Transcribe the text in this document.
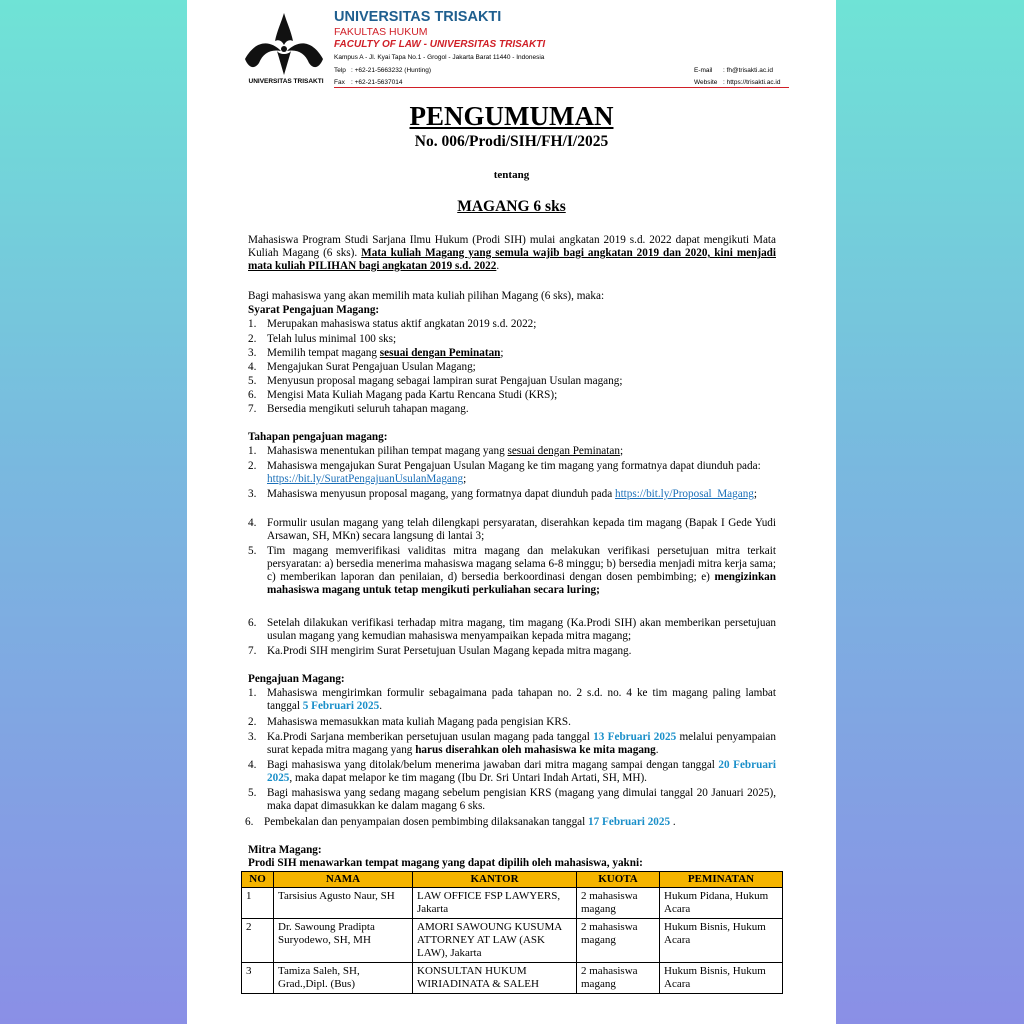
UNIVERSITAS TRISAKTI
UNIVERSITAS TRISAKTI
FAKULTAS HUKUM
FACULTY OF LAW - UNIVERSITAS TRISAKTI
Kampus A - Jl. Kyai Tapa No.1 - Grogol - Jakarta Barat 11440 - Indonesia
Telp : +62-21-5663232 (Hunting)
Fax : +62-21-5637014
E-mail : fh@trisakti.ac.id
Website : https://trisakti.ac.id
PENGUMUMAN
No. 006/Prodi/SIH/FH/I/2025
tentang
MAGANG 6 sks
Mahasiswa Program Studi Sarjana Ilmu Hukum (Prodi SIH) mulai angkatan 2019 s.d. 2022 dapat mengikuti Mata Kuliah Magang (6 sks). Mata kuliah Magang yang semula wajib bagi angkatan 2019 dan 2020, kini menjadi mata kuliah PILIHAN bagi angkatan 2019 s.d. 2022.
Bagi mahasiswa yang akan memilih mata kuliah pilihan Magang (6 sks), maka:
Syarat Pengajuan Magang:
1. Merupakan mahasiswa status aktif angkatan 2019 s.d. 2022;
2. Telah lulus minimal 100 sks;
3. Memilih tempat magang sesuai dengan Peminatan;
4. Mengajukan Surat Pengajuan Usulan Magang;
5. Menyusun proposal magang sebagai lampiran surat Pengajuan Usulan magang;
6. Mengisi Mata Kuliah Magang pada Kartu Rencana Studi (KRS);
7. Bersedia mengikuti seluruh tahapan magang.
Tahapan pengajuan magang:
1. Mahasiswa menentukan pilihan tempat magang yang sesuai dengan Peminatan;
2. Mahasiswa mengajukan Surat Pengajuan Usulan Magang ke tim magang yang formatnya dapat diunduh pada: https://bit.ly/SuratPengajuanUsulanMagang;
3. Mahasiswa menyusun proposal magang, yang formatnya dapat diunduh pada https://bit.ly/Proposal_Magang;
4. Formulir usulan magang yang telah dilengkapi persyaratan, diserahkan kepada tim magang (Bapak I Gede Yudi Arsawan, SH, MKn) secara langsung di lantai 3;
5. Tim magang memverifikasi validitas mitra magang dan melakukan verifikasi persetujuan mitra terkait persyaratan: a) bersedia menerima mahasiswa magang selama 6-8 minggu; b) bersedia menjadi mitra kerja sama; c) memberikan laporan dan penilaian, d) bersedia berkoordinasi dengan dosen pembimbing; e) mengizinkan mahasiswa magang untuk tetap mengikuti perkuliahan secara luring;
6. Setelah dilakukan verifikasi terhadap mitra magang, tim magang (Ka.Prodi SIH) akan memberikan persetujuan usulan magang yang kemudian mahasiswa menyampaikan kepada mitra magang;
7. Ka.Prodi SIH mengirim Surat Persetujuan Usulan Magang kepada mitra magang.
Pengajuan Magang:
1. Mahasiswa mengirimkan formulir sebagaimana pada tahapan no. 2 s.d. no. 4 ke tim magang paling lambat tanggal 5 Februari 2025.
2. Mahasiswa memasukkan mata kuliah Magang pada pengisian KRS.
3. Ka.Prodi Sarjana memberikan persetujuan usulan magang pada tanggal 13 Februari 2025 melalui penyampaian surat kepada mitra magang yang harus diserahkan oleh mahasiswa ke mita magang.
4. Bagi mahasiswa yang ditolak/belum menerima jawaban dari mitra magang sampai dengan tanggal 20 Februari 2025, maka dapat melapor ke tim magang (Ibu Dr. Sri Untari Indah Artati, SH, MH).
5. Bagi mahasiswa yang sedang magang sebelum pengisian KRS (magang yang dimulai tanggal 20 Januari 2025), maka dapat dimasukkan ke dalam magang 6 sks.
6. Pembekalan dan penyampaian dosen pembimbing dilaksanakan tanggal 17 Februari 2025 .
Mitra Magang:
Prodi SIH menawarkan tempat magang yang dapat dipilih oleh mahasiswa, yakni:
NO	NAMA	KANTOR	KUOTA	PEMINATAN
1	Tarsisius Agusto Naur, SH	LAW OFFICE FSP LAWYERS, Jakarta	2 mahasiswa magang	Hukum Pidana, Hukum Acara
2	Dr. Sawoung Pradipta Suryodewo, SH, MH	AMORI SAWOUNG KUSUMA ATTORNEY AT LAW (ASK LAW), Jakarta	2 mahasiswa magang	Hukum Bisnis, Hukum Acara
3	Tamiza Saleh, SH, Grad.,Dipl. (Bus)	KONSULTAN HUKUM WIRIADINATA & SALEH	2 mahasiswa magang	Hukum Bisnis, Hukum Acara
